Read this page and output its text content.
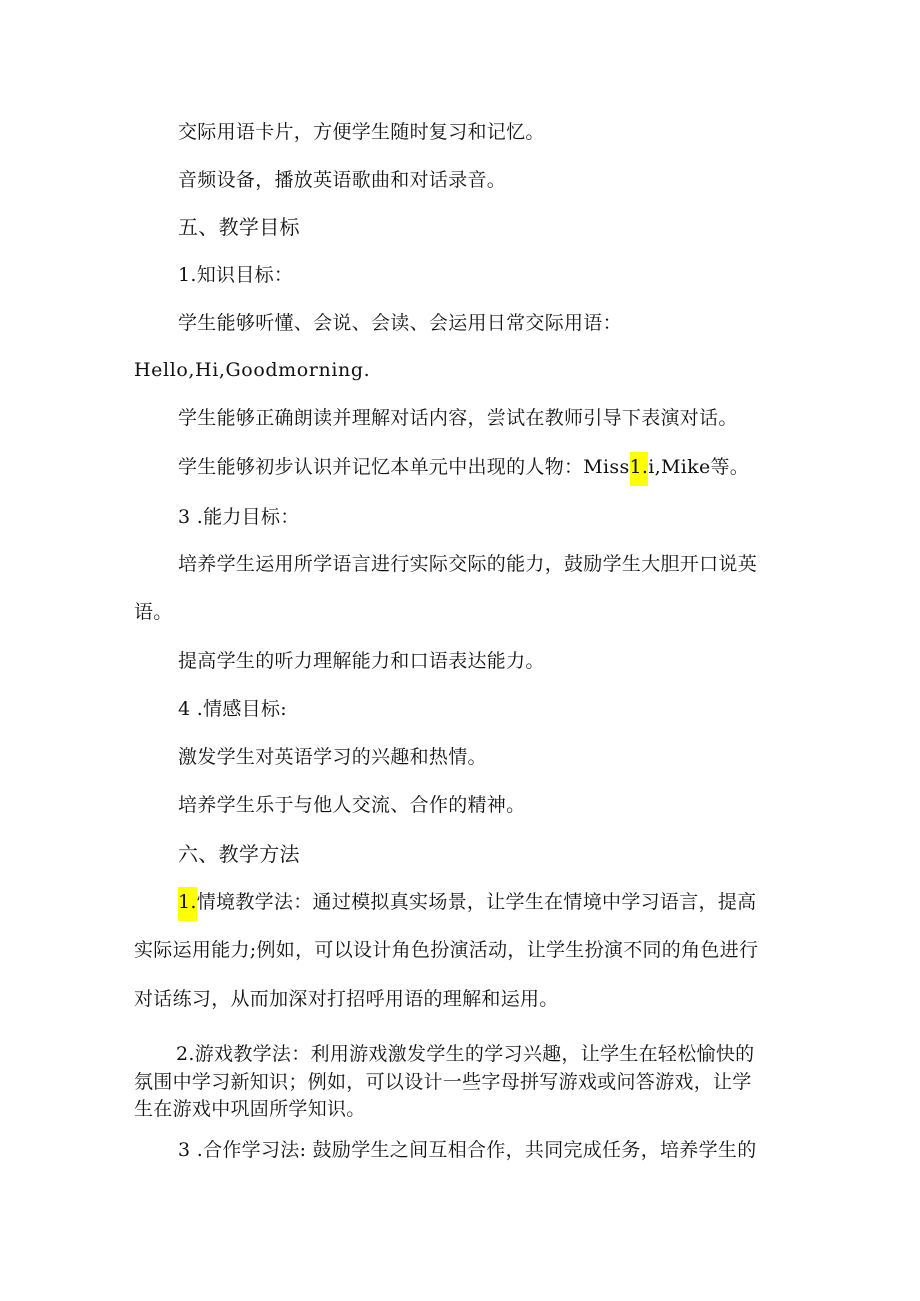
交际用语卡片，方便学生随时复习和记忆。

音频设备，播放英语歌曲和对话录音。

五、教学目标

1.知识目标：

学生能够听懂、会说、会读、会运用日常交际用语：

Hello,Hi,Goodmorning.

学生能够正确朗读并理解对话内容，尝试在教师引导下表演对话。

学生能够初步认识并记忆本单元中出现的人物：Miss1.i,Mike等。

3 .能力目标：

培养学生运用所学语言进行实际交际的能力，鼓励学生大胆开口说英

语。

提高学生的听力理解能力和口语表达能力。

4 .情感目标:

激发学生对英语学习的兴趣和热情。

培养学生乐于与他人交流、合作的精神。

六、教学方法

1.情境教学法：通过模拟真实场景，让学生在情境中学习语言，提高

实际运用能力;例如，可以设计角色扮演活动，让学生扮演不同的角色进行

对话练习，从而加深对打招呼用语的理解和运用。

2.游戏教学法：利用游戏激发学生的学习兴趣，让学生在轻松愉快的

氛围中学习新知识；例如，可以设计一些字母拼写游戏或问答游戏，让学

生在游戏中巩固所学知识。

3 .合作学习法: 鼓励学生之间互相合作，共同完成任务，培养学生的
